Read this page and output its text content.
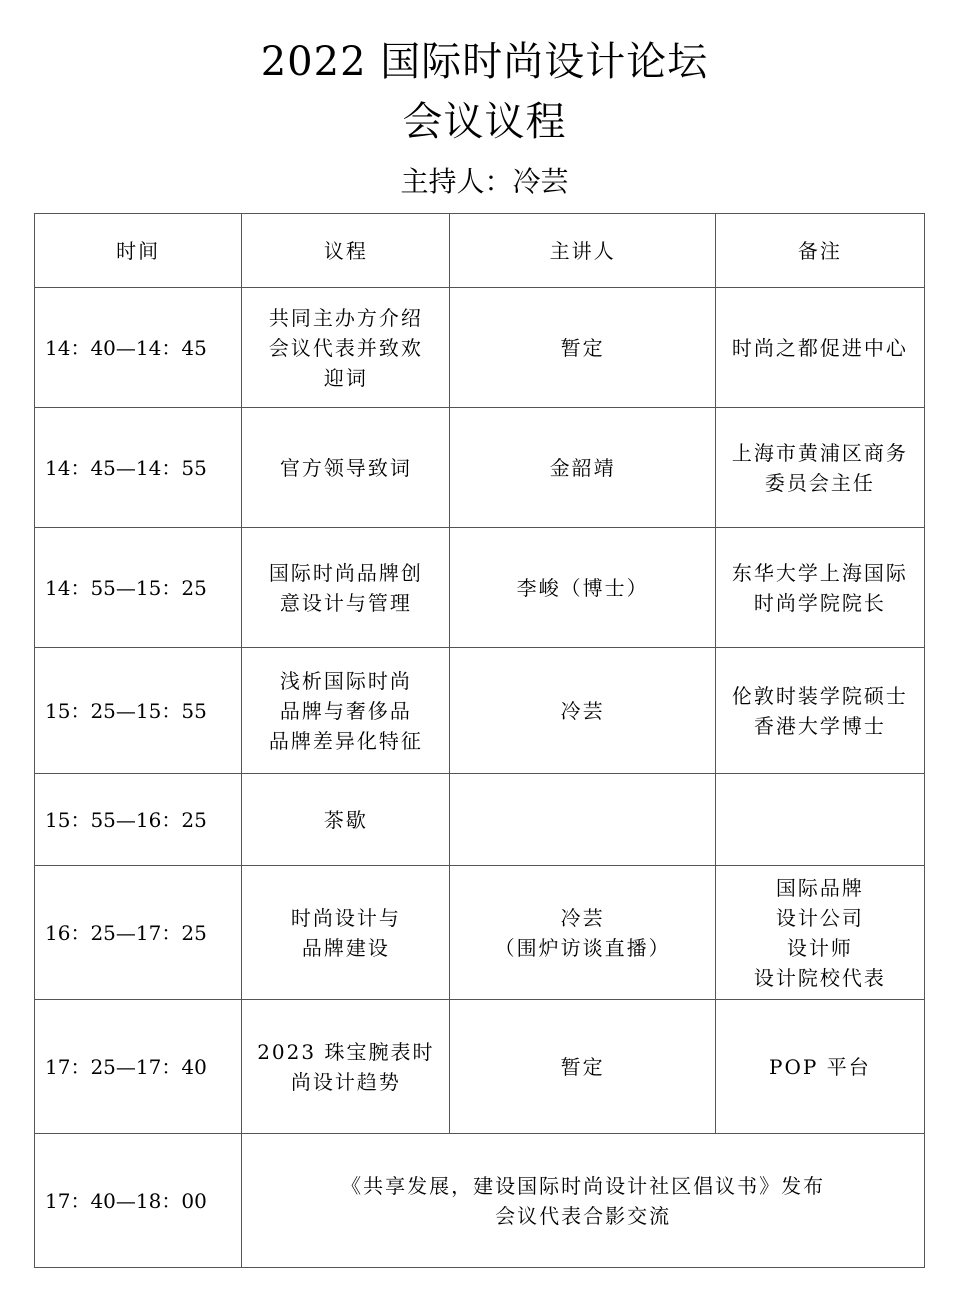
2022 国际时尚设计论坛
会议议程
主持人：冷芸
时间	议程	主讲人	备注
14：40—14：45	共同主办方介绍
会议代表并致欢
迎词	暂定	时尚之都促进中心

14：45—14：55	官方领导致词	金韶靖	上海市黄浦区商务
委员会主任

14：55—15：25	国际时尚品牌创
意设计与管理	李峻（博士）	东华大学上海国际
时尚学院院长

15：25—15：55	浅析国际时尚
品牌与奢侈品
品牌差异化特征	冷芸	伦敦时装学院硕士
香港大学博士

15：55—16：25	茶歇		

16：25—17：25	时尚设计与
品牌建设	冷芸
（围炉访谈直播）	国际品牌
设计公司
设计师
设计院校代表

17：25—17：40	2023 珠宝腕表时
尚设计趋势	暂定	POP 平台

17：40—18：00	《共享发展，建设国际时尚设计社区倡议书》发布
会议代表合影交流		
